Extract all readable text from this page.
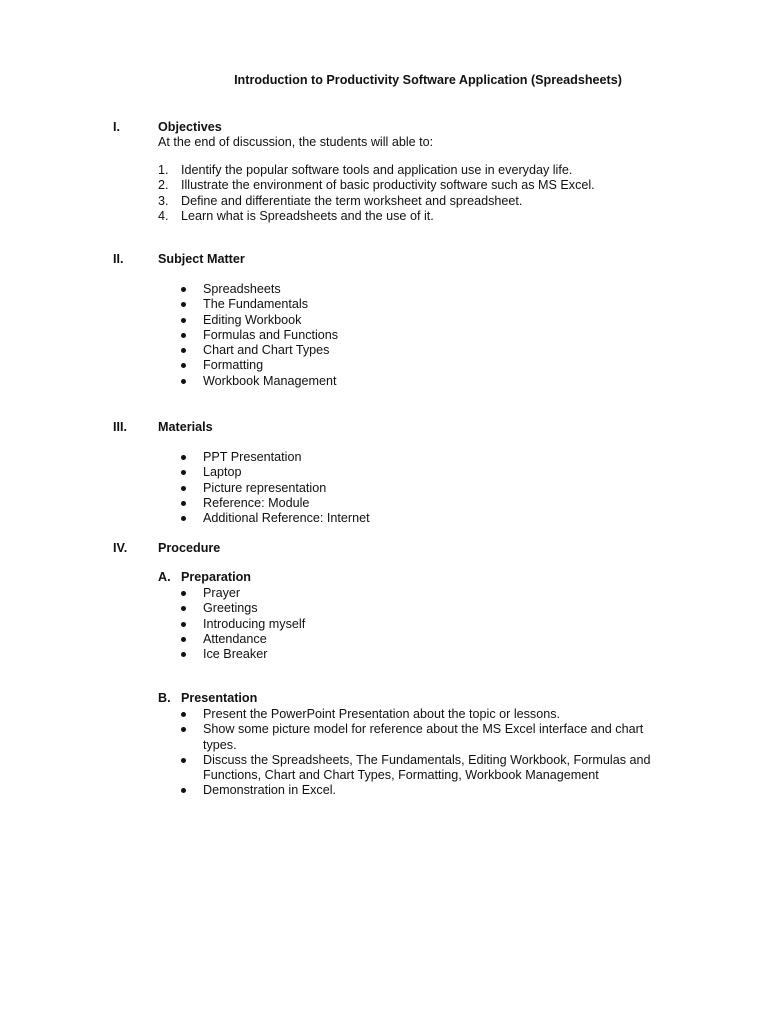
Introduction to Productivity Software Application (Spreadsheets)
I.	Objectives
At the end of discussion, the students will able to:
1. Identify the popular software tools and application use in everyday life.
2. Illustrate the environment of basic productivity software such as MS Excel.
3. Define and differentiate the term worksheet and spreadsheet.
4. Learn what is Spreadsheets and the use of it.
II.	Subject Matter
Spreadsheets
The Fundamentals
Editing Workbook
Formulas and Functions
Chart and Chart Types
Formatting
Workbook Management
III. Materials
PPT Presentation
Laptop
Picture representation
Reference: Module
Additional Reference: Internet
IV. Procedure
A. Preparation
Prayer
Greetings
Introducing myself
Attendance
Ice Breaker
B. Presentation
Present the PowerPoint Presentation about the topic or lessons.
Show some picture model for reference about the MS Excel interface and chart types.
Discuss the Spreadsheets, The Fundamentals, Editing Workbook, Formulas and Functions, Chart and Chart Types, Formatting, Workbook Management
Demonstration in Excel.
